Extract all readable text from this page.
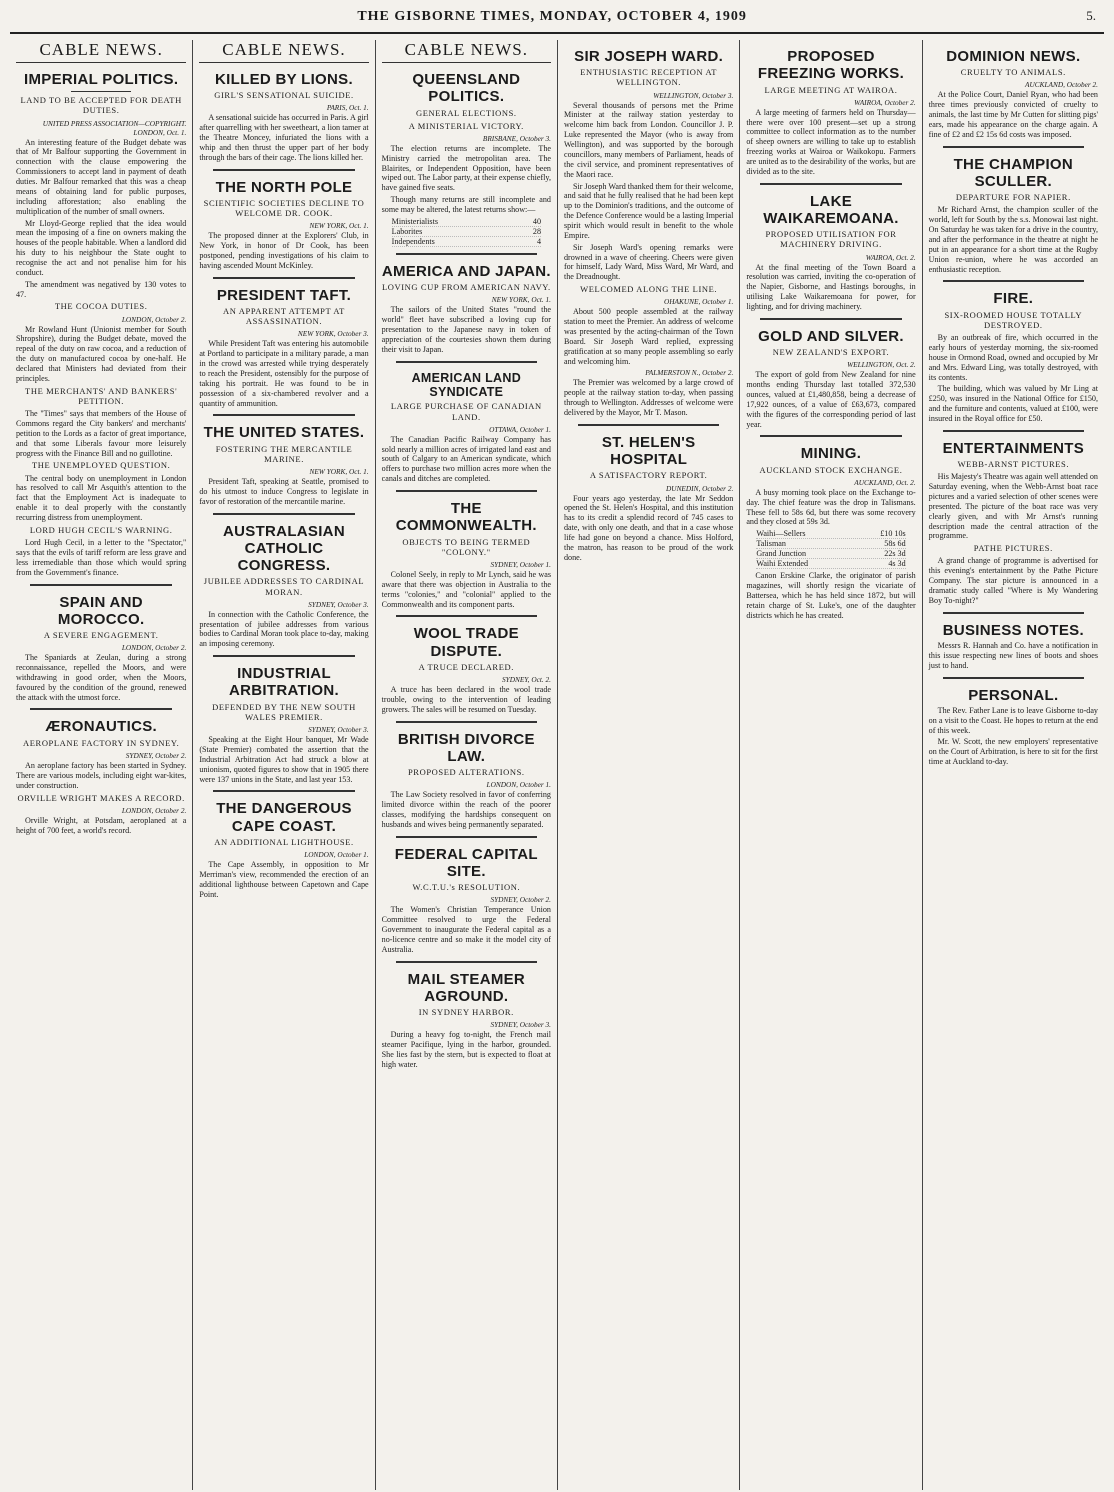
THE GISBORNE TIMES, MONDAY, OCTOBER 4, 1909	5.
CABLE NEWS.
IMPERIAL POLITICS.
LAND TO BE ACCEPTED FOR DEATH DUTIES.
UNITED PRESS ASSOCIATION—COPYRIGHT. LONDON, Oct. 1.

An interesting feature of the Budget debate was that of Mr Balfour supporting the Government in connection with the clause empowering the Commissioners to accept land in payment of death duties. Mr Balfour remarked that this was a cheap means of obtaining land for public purposes, including afforestation; also enabling the multiplication of the number of small owners.

Mr Lloyd-George replied that the idea would mean the imposing of a fine on owners making the houses of the people habitable. When a landlord did his duty to his neighbour the State ought to recognise the act and not penalise him for his conduct.

The amendment was negatived by 130 votes to 47.

THE COCOA DUTIES.
LONDON, October 2.

Mr Rowland Hunt (Unionist member for South Shropshire), during the Budget debate, moved the repeal of the duty on raw cocoa, and a reduction of the duty on manufactured cocoa by one-half. He declared that Ministers had deviated from their principles.

THE MERCHANTS' AND BANKERS' PETITION.

The "Times" says that members of the House of Commons regard the City bankers' and merchants' petition to the Lords as a factor of great importance, and that some Liberals favour more leisurely progress with the Finance Bill and no guillotine.

THE UNEMPLOYED QUESTION.

The central body on unemployment in London has resolved to call Mr Asquith's attention to the fact that the Employment Act is inadequate to enable it to deal properly with the constantly recurring distress from unemployment.

LORD HUGH CECIL'S WARNING.

Lord Hugh Cecil, in a letter to the "Spectator," says that the evils of tariff reform are less grave and less irremediable than those which would spring from the Government's finance.

SPAIN AND MOROCCO.
A SEVERE ENGAGEMENT.
LONDON, October 2.

The Spaniards at Zeulan, during a strong reconnaissance, repelled the Moors, and were withdrawing in good order, when the Moors, favoured by the condition of the ground, renewed the attack with the utmost force.

ÆRONAUTICS.
AEROPLANE FACTORY IN SYDNEY.
SYDNEY, October 2.

An aeroplane factory has been started in Sydney. There are various models, including eight war-kites, under construction.

ORVILLE WRIGHT MAKES A RECORD.
LONDON, October 2.

Orville Wright, at Potsdam, aeroplaned at a height of 700 feet, a world's record.

CABLE NEWS.
KILLED BY LIONS.
GIRL'S SENSATIONAL SUICIDE.
PARIS, Oct. 1.

A sensational suicide has occurred in Paris. A girl after quarrelling with her sweetheart, a lion tamer at the Theatre Moncey, infuriated the lions with a whip and then thrust the upper part of her body through the bars of their cage. The lions killed her.

THE NORTH POLE
SCIENTIFIC SOCIETIES DECLINE TO WELCOME DR. COOK.
NEW YORK, Oct. 1.

The proposed dinner at the Explorers' Club, in New York, in honor of Dr Cook, has been postponed, pending investigations of his claim to having ascended Mount McKinley.

PRESIDENT TAFT.
AN APPARENT ATTEMPT AT ASSASSINATION.
NEW YORK, October 3.

While President Taft was entering his automobile at Portland to participate in a military parade, a man in the crowd was arrested while trying desperately to reach the President, ostensibly for the purpose of taking his portrait. He was found to be in possession of a six-chambered revolver and a quantity of ammunition.

THE UNITED STATES.
FOSTERING THE MERCANTILE MARINE.
NEW YORK, Oct. 1.

President Taft, speaking at Seattle, promised to do his utmost to induce Congress to legislate in favor of restoration of the mercantile marine.

AUSTRALASIAN CATHOLIC CONGRESS.
JUBILEE ADDRESSES TO CARDINAL MORAN.
SYDNEY, October 3.

In connection with the Catholic Conference, the presentation of jubilee addresses from various bodies to Cardinal Moran took place to-day, making an imposing ceremony.

INDUSTRIAL ARBITRATION.
DEFENDED BY THE NEW SOUTH WALES PREMIER.
SYDNEY, October 3.

Speaking at the Eight Hour banquet, Mr Wade (State Premier) combated the assertion that the Industrial Arbitration Act had struck a blow at unionism, quoted figures to show that in 1905 there were 137 unions in the State, and last year 153.

THE DANGEROUS CAPE COAST.
AN ADDITIONAL LIGHTHOUSE.
LONDON, October 1.

The Cape Assembly, in opposition to Mr Merriman's view, recommended the erection of an additional lighthouse between Capetown and Cape Point.

CABLE NEWS.
QUEENSLAND POLITICS.
GENERAL ELECTIONS.
A MINISTERIAL VICTORY.
BRISBANE, October 3.

The election returns are incomplete. The Ministry carried the metropolitan area. The Blairites, or Independent Opposition, have been wiped out. The Labor party, at their expense chiefly, have gained five seats.

Though many returns are still incomplete and some may be altered, the latest returns show:—

Ministerialists	40
Laborites	28
Independents	4
AMERICA AND JAPAN.
LOVING CUP FROM AMERICAN NAVY.
NEW YORK, Oct. 1.

The sailors of the United States "round the world" fleet have subscribed a loving cup for presentation to the Japanese navy in token of appreciation of the courtesies shown them during their visit to Japan.

AMERICAN LAND SYNDICATE
LARGE PURCHASE OF CANADIAN LAND.
OTTAWA, October 1.

The Canadian Pacific Railway Company has sold nearly a million acres of irrigated land east and south of Calgary to an American syndicate, which offers to purchase two million acres more when the canals and ditches are completed.

THE COMMONWEALTH.
OBJECTS TO BEING TERMED "COLONY."
SYDNEY, October 1.

Colonel Seely, in reply to Mr Lynch, said he was aware that there was objection in Australia to the terms "colonies," and "colonial" applied to the Commonwealth and its component parts.

WOOL TRADE DISPUTE.
A TRUCE DECLARED.
SYDNEY, Oct. 2.

A truce has been declared in the wool trade trouble, owing to the intervention of leading growers. The sales will be resumed on Tuesday.

BRITISH DIVORCE LAW.
PROPOSED ALTERATIONS.
LONDON, October 1.

The Law Society resolved in favor of conferring limited divorce within the reach of the poorer classes, modifying the hardships consequent on husbands and wives being permanently separated.

FEDERAL CAPITAL SITE.
W.C.T.U.'s RESOLUTION.
SYDNEY, October 2.

The Women's Christian Temperance Union Committee resolved to urge the Federal Government to inaugurate the Federal capital as a no-licence centre and so make it the model city of Australia.

MAIL STEAMER AGROUND.
IN SYDNEY HARBOR.
SYDNEY, October 3.

During a heavy fog to-night, the French mail steamer Pacifique, lying in the harbor, grounded. She lies fast by the stern, but is expected to float at high water.

SIR JOSEPH WARD.
ENTHUSIASTIC RECEPTION AT WELLINGTON.
WELLINGTON, October 3.

Several thousands of persons met the Prime Minister at the railway station yesterday to welcome him back from London. Councillor J. P. Luke represented the Mayor (who is away from Wellington), and was supported by the borough councillors, many members of Parliament, heads of the civil service, and prominent representatives of the Maori race.

Sir Joseph Ward thanked them for their welcome, and said that he fully realised that he had been kept up to the Dominion's traditions, and the outcome of the Defence Conference would be a lasting Imperial spirit which would result in benefit to the whole Empire.

Sir Joseph Ward's opening remarks were drowned in a wave of cheering. Cheers were given for himself, Lady Ward, Miss Ward, Mr Ward, and the Dreadnought.

WELCOMED ALONG THE LINE.
OHAKUNE, October 1.

About 500 people assembled at the railway station to meet the Premier. An address of welcome was presented by the acting-chairman of the Town Board. Sir Joseph Ward replied, expressing gratification at so many people assembling so early and welcoming him.

PALMERSTON N., October 2.

The Premier was welcomed by a large crowd of people at the railway station to-day, when passing through to Wellington. Addresses of welcome were delivered by the Mayor, Mr T. Mason.

ST. HELEN'S HOSPITAL
A SATISFACTORY REPORT.
DUNEDIN, October 2.

Four years ago yesterday, the late Mr Seddon opened the St. Helen's Hospital, and this institution has to its credit a splendid record of 745 cases to date, with only one death, and that in a case whose life had gone on beyond a chance. Miss Holford, the matron, has reason to be proud of the work done.

PROPOSED FREEZING WORKS.
LARGE MEETING AT WAIROA.
WAIROA, October 2.

A large meeting of farmers held on Thursday—there were over 100 present—set up a strong committee to collect information as to the number of sheep owners are willing to take up to establish freezing works at Wairoa or Waikokopu. Farmers are united as to the desirability of the works, but are divided as to the site.

LAKE WAIKAREMOANA.
PROPOSED UTILISATION FOR MACHINERY DRIVING.
WAIROA, Oct. 2.

At the final meeting of the Town Board a resolution was carried, inviting the co-operation of the Napier, Gisborne, and Hastings boroughs, in utilising Lake Waikaremoana for power, for lighting, and for driving machinery.

GOLD AND SILVER.
NEW ZEALAND'S EXPORT.
WELLINGTON, Oct. 2.

The export of gold from New Zealand for nine months ending Thursday last totalled 372,530 ounces, valued at £1,480,858, being a decrease of 17,922 ounces, of a value of £63,673, compared with the figures of the corresponding period of last year.

MINING.
AUCKLAND STOCK EXCHANGE.
AUCKLAND, Oct. 2.

A busy morning took place on the Exchange to-day. The chief feature was the drop in Talismans. These fell to 58s 6d, but there was some recovery and they closed at 59s 3d.

Waihi—Sellers	£10 10s
Talisman	58s 6d
Grand Junction	22s 3d
Waihi Extended	4s 3d

Canon Erskine Clarke, the originator of parish magazines, will shortly resign the vicariate of Battersea, which he has held since 1872, but will retain charge of St. Luke's, one of the daughter districts which he has created.

DOMINION NEWS.
CRUELTY TO ANIMALS.
AUCKLAND, October 2.

At the Police Court, Daniel Ryan, who had been three times previously convicted of cruelty to animals, the last time by Mr Cutten for slitting pigs' ears, made his appearance on the charge again. A fine of £2 and £2 15s 6d costs was imposed.

THE CHAMPION SCULLER.
DEPARTURE FOR NAPIER.

Mr Richard Arnst, the champion sculler of the world, left for South by the s.s. Monowai last night. On Saturday he was taken for a drive in the country, and after the performance in the theatre at night he put in an appearance for a short time at the Rugby Union re-union, where he was accorded an enthusiastic reception.

FIRE.
SIX-ROOMED HOUSE TOTALLY DESTROYED.

By an outbreak of fire, which occurred in the early hours of yesterday morning, the six-roomed house in Ormond Road, owned and occupied by Mr and Mrs. Edward Ling, was totally destroyed, with its contents.

The building, which was valued by Mr Ling at £250, was insured in the National Office for £150, and the furniture and contents, valued at £100, were insured in the Royal office for £50.

ENTERTAINMENTS
WEBB-ARNST PICTURES.

His Majesty's Theatre was again well attended on Saturday evening, when the Webb-Arnst boat race pictures and a varied selection of other scenes were presented. The picture of the boat race was very clearly given, and with Mr Arnst's running description made the central attraction of the programme.

PATHE PICTURES.

A grand change of programme is advertised for this evening's entertainment by the Pathe Picture Company. The star picture is announced in a dramatic study called "Where is My Wandering Boy To-night?"

BUSINESS NOTES.

Messrs R. Hannah and Co. have a notification in this issue respecting new lines of boots and shoes just to hand.

PERSONAL.

The Rev. Father Lane is to leave Gisborne to-day on a visit to the Coast. He hopes to return at the end of this week.

Mr. W. Scott, the new employers' representative on the Court of Arbitration, is here to sit for the first time at Auckland to-day.
